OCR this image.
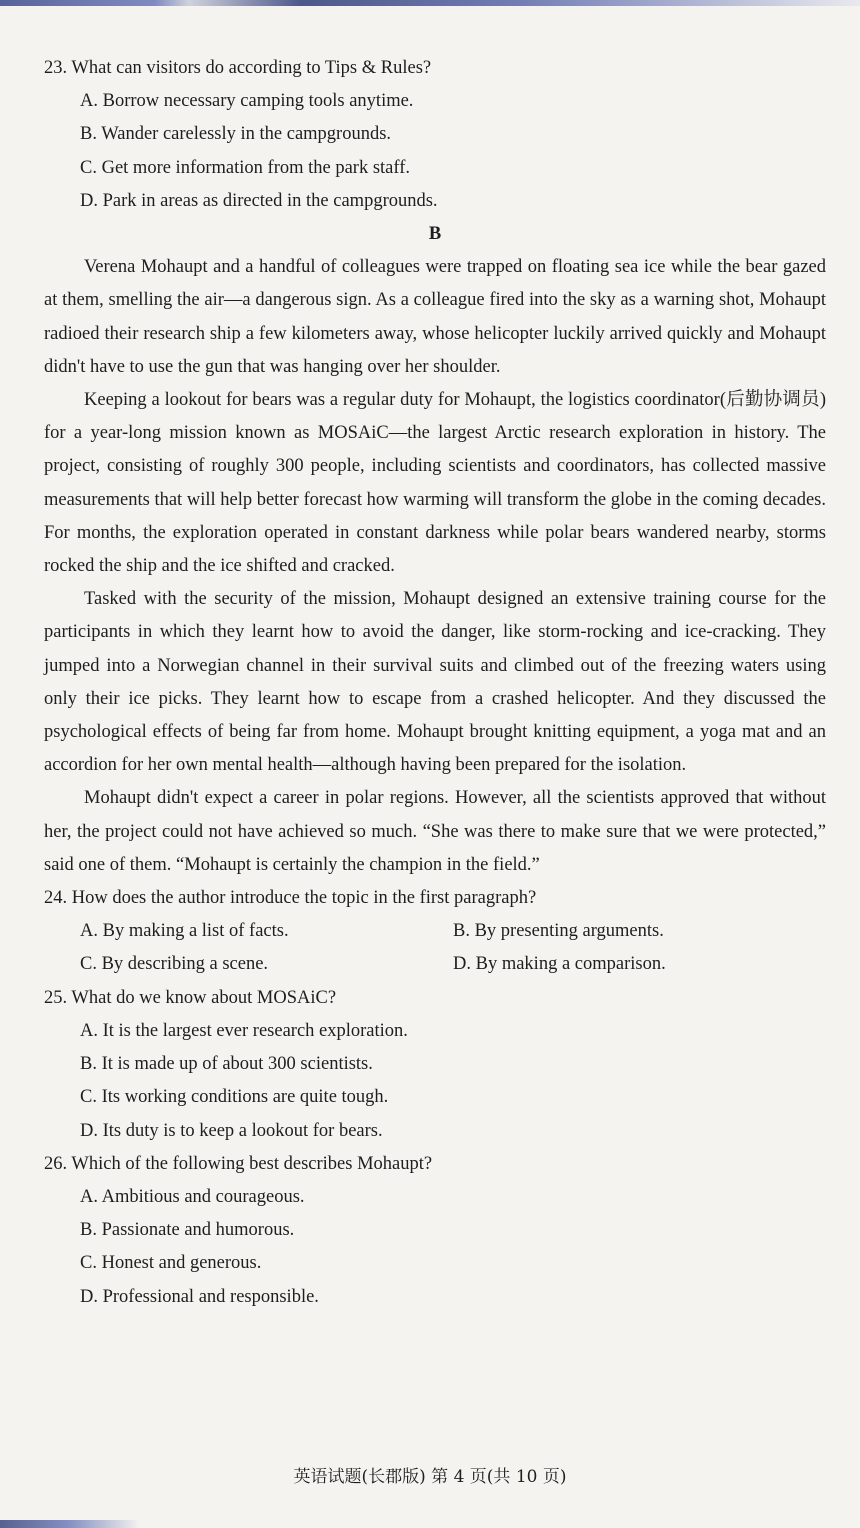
23. What can visitors do according to Tips & Rules?

A. Borrow necessary camping tools anytime.

B. Wander carelessly in the campgrounds.

C. Get more information from the park staff.

D. Park in areas as directed in the campgrounds.

B

Verena Mohaupt and a handful of colleagues were trapped on floating sea ice while the bear gazed at them, smelling the air—a dangerous sign. As a colleague fired into the sky as a warning shot, Mohaupt radioed their research ship a few kilometers away, whose helicopter luckily arrived quickly and Mohaupt didn't have to use the gun that was hanging over her shoulder.

Keeping a lookout for bears was a regular duty for Mohaupt, the logistics coordinator(后勤协调员) for a year-long mission known as MOSAiC—the largest Arctic research exploration in history. The project, consisting of roughly 300 people, including scientists and coordinators, has collected massive measurements that will help better forecast how warming will transform the globe in the coming decades. For months, the exploration operated in constant darkness while polar bears wandered nearby, storms rocked the ship and the ice shifted and cracked.

Tasked with the security of the mission, Mohaupt designed an extensive training course for the participants in which they learnt how to avoid the danger, like storm-rocking and ice-cracking. They jumped into a Norwegian channel in their survival suits and climbed out of the freezing waters using only their ice picks. They learnt how to escape from a crashed helicopter. And they discussed the psychological effects of being far from home. Mohaupt brought knitting equipment, a yoga mat and an accordion for her own mental health—although having been prepared for the isolation.

Mohaupt didn't expect a career in polar regions. However, all the scientists approved that without her, the project could not have achieved so much. “She was there to make sure that we were protected,” said one of them. “Mohaupt is certainly the champion in the field.”

24. How does the author introduce the topic in the first paragraph?

A. By making a list of facts.	B. By presenting arguments.
C. By describing a scene.	D. By making a comparison.

25. What do we know about MOSAiC?

A. It is the largest ever research exploration.

B. It is made up of about 300 scientists.

C. Its working conditions are quite tough.

D. Its duty is to keep a lookout for bears.

26. Which of the following best describes Mohaupt?

A. Ambitious and courageous.

B. Passionate and humorous.

C. Honest and generous.

D. Professional and responsible.

英语试题(长郡版) 第 4 页(共 10 页)
